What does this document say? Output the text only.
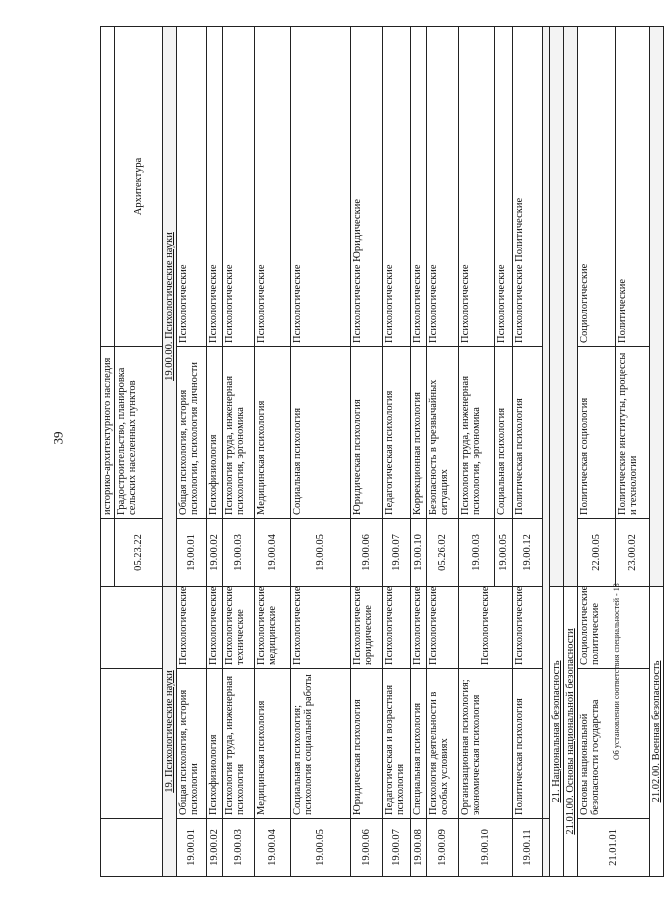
39
					историко-архитектурного наследия	
			05.23.22	Градостроительство, планировка сельских населенных пунктов	Архитектура
19. Психологические науки			19.00.00. Психологические науки		
19.00.01	Общая психология, история психологии	Психологические	19.00.01	Общая психология, история психологии, психология личности	Психологические
19.00.02	Психофизиология	Психологические	19.00.02	Психофизиология	Психологические
19.00.03	Психология труда, инженерная психология	Психологические технические	19.00.03	Психология труда, инженерная психология, эргономика	Психологические
19.00.04	Медицинская психология	Психологические медицинские	19.00.04	Медицинская психология	Психологические
19.00.05	Социальная психология; психология социальной работы	Психологические	19.00.05	Социальная психология	Психологические
19.00.06	Юридическая психология	Психологические юридические	19.00.06	Юридическая психология	Психологические Юридические
19.00.07	Педагогическая и возрастная психология	Психологические	19.00.07	Педагогическая психология	Психологические
19.00.08	Специальная психология	Психологические	19.00.10	Коррекционная психология	Психологические
19.00.09	Психология деятельности в особых условиях	Психологические	05.26.02	Безопасность в чрезвычайных ситуациях	Психологические
19.00.10	Организационная психология; экономическая психология	Психологические	19.00.03	Психология труда, инженерная психология, эргономика	Психологические
			19.00.05	Социальная психология	Психологические
19.00.11	Политическая психология	Психологические	19.00.12	Политическая психология	Психологические Политические

21. Национальная безопасность					
21.01.00. Основы национальной безопасности					
21.01.01	Основы национальной безопасности государства	Социологические политические	22.00.05	Политическая социология	Социологические
			23.00.02	Политические институты, процессы и технологии	Политические
21.02.00. Военная безопасность					
Об установлении соответствия специальностей - 13
